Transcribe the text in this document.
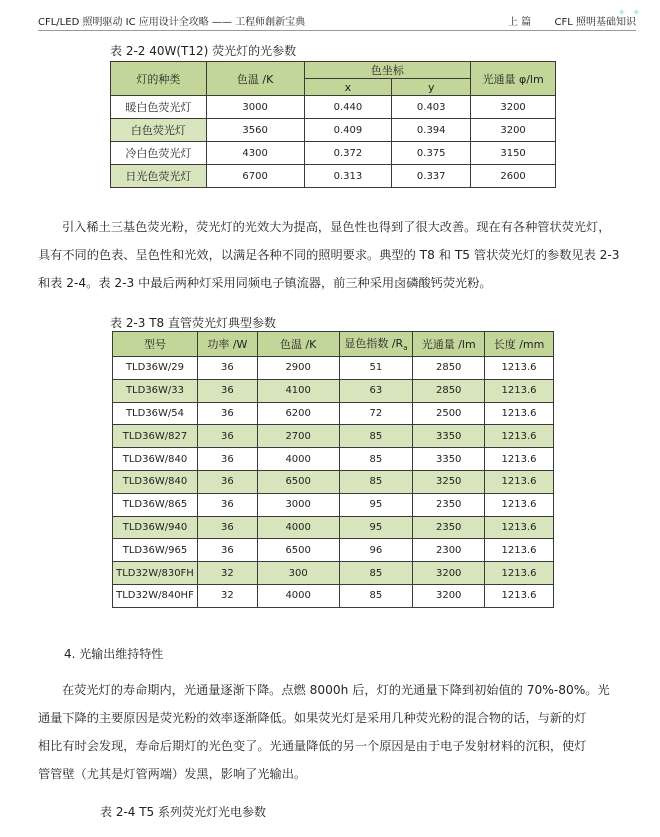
CFL/LED 照明驱动 IC 应用设计全攻略 —— 工程师創新宝典	上 篇 CFL 照明基础知识
✦ ✦
表 2-2 40W(T12) 荧光灯的光参数
灯的种类	色温 /K	色坐标		光通量 φ/lm
		x	y	
暖白色荧光灯	3000	0.440	0.403	3200
白色荧光灯	3560	0.409	0.394	3200
冷白色荧光灯	4300	0.372	0.375	3150
日光色荧光灯	6700	0.313	0.337	2600
引入稀土三基色荧光粉，荧光灯的光效大为提高，显色性也得到了很大改善。现在有各种管状荧光灯，
具有不同的色表、呈色性和光效，以满足各种不同的照明要求。典型的 T8 和 T5 管状荧光灯的参数见表 2-3
和表 2-4。表 2-3 中最后两种灯采用同频电子镇流器，前三种采用卤磷酸钙荧光粉。
表 2-3 T8 直管荧光灯典型参数
型号	功率 /W	色温 /K	显色指数 $/R_a$	光通量 /lm	长度 /mm
TLD36W/29	36	2900	51	2850	1213.6
TLD36W/33	36	4100	63	2850	1213.6
TLD36W/54	36	6200	72	2500	1213.6
TLD36W/827	36	2700	85	3350	1213.6
TLD36W/840	36	4000	85	3350	1213.6
TLD36W/840	36	6500	85	3250	1213.6
TLD36W/865	36	3000	95	2350	1213.6
TLD36W/940	36	4000	95	2350	1213.6
TLD36W/965	36	6500	96	2300	1213.6
TLD32W/830FH	32	300	85	3200	1213.6
TLD32W/840HF	32	4000	85	3200	1213.6
4. 光输出维持特性
在荧光灯的寿命期内，光通量逐渐下降。点燃 8000h 后，灯的光通量下降到初始值的 70%-80%。光
通量下降的主要原因是荧光粉的效率逐渐降低。如果荧光灯是采用几种荧光粉的混合物的话，与新的灯
相比有时会发现，寿命后期灯的光色变了。光通量降低的另一个原因是由于电子发射材料的沉积，使灯
管管壁（尤其是灯管两端）发黑，影响了光输出。
表 2-4 T5 系列荧光灯光电参数
